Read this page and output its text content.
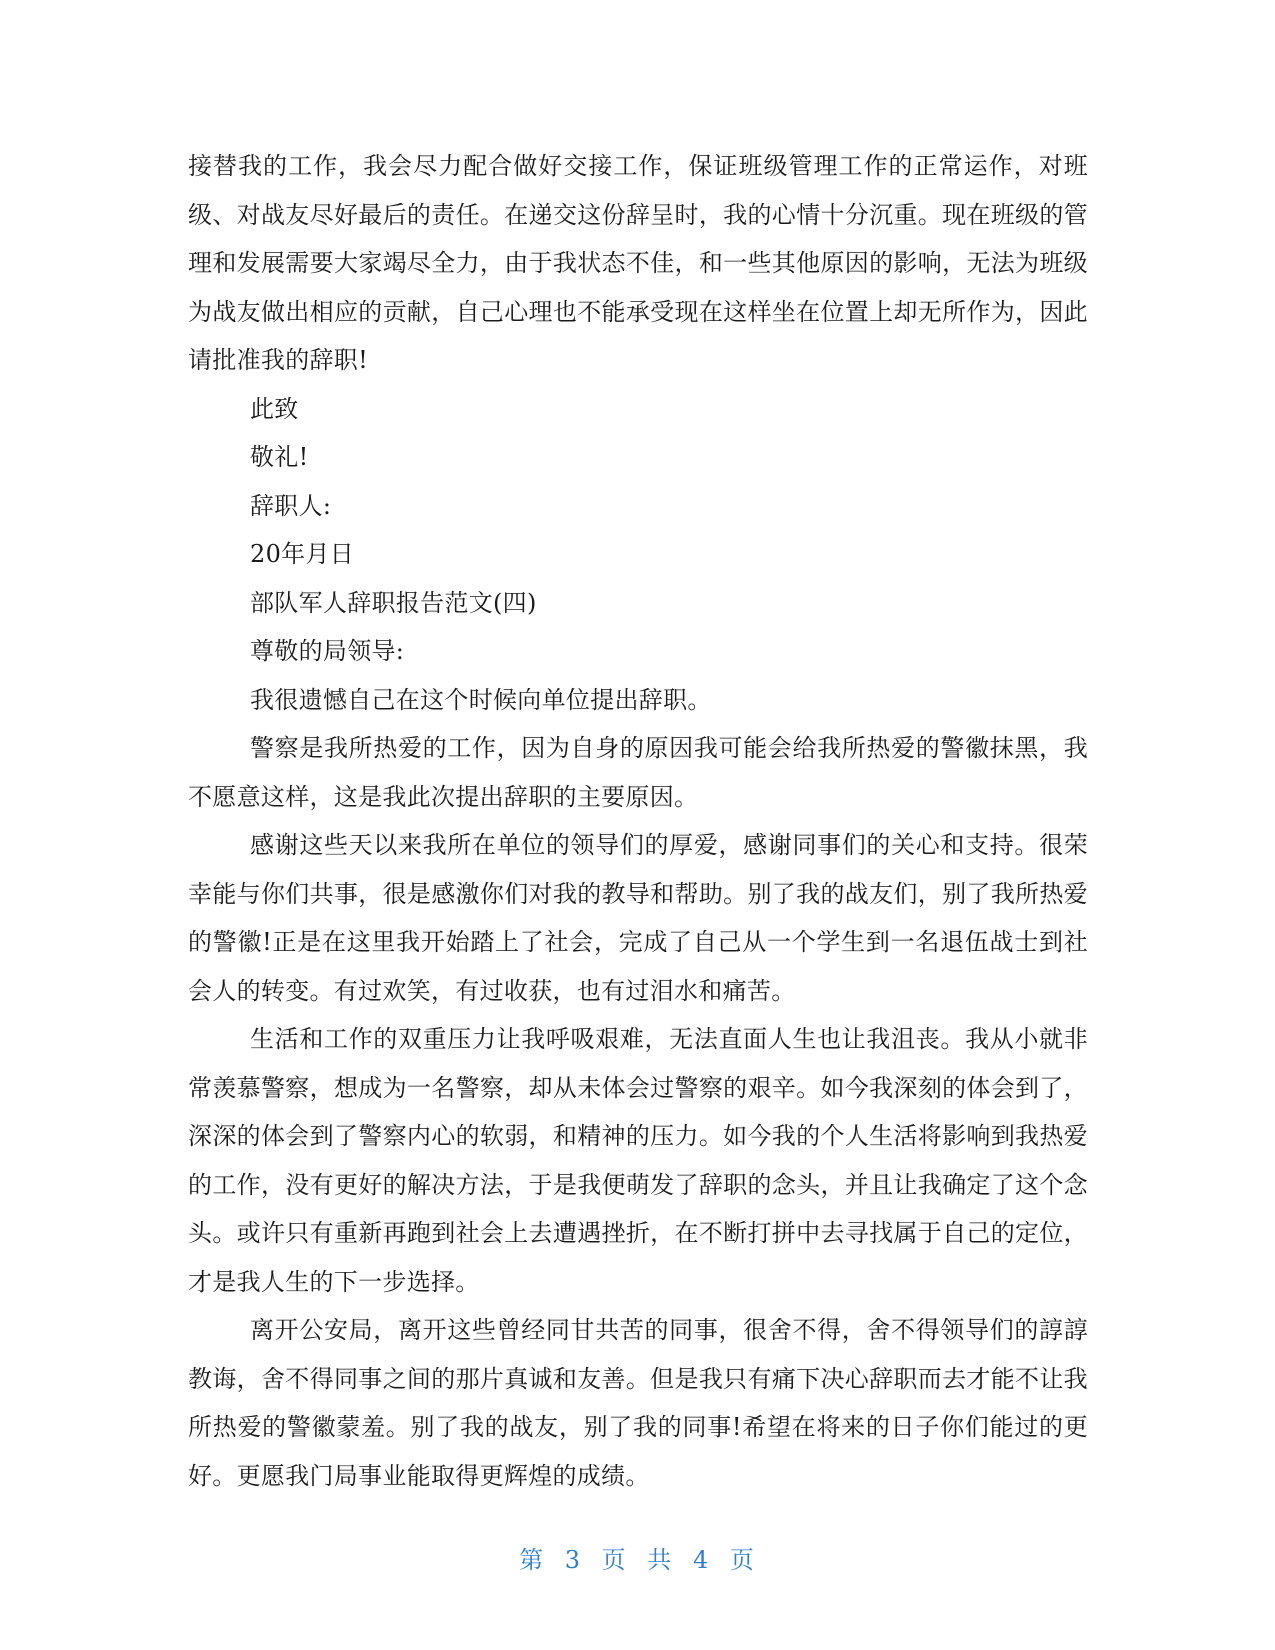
接替我的工作，我会尽力配合做好交接工作，保证班级管理工作的正常运作，对班级、对战友尽好最后的责任。在递交这份辞呈时，我的心情十分沉重。现在班级的管理和发展需要大家竭尽全力，由于我状态不佳，和一些其他原因的影响，无法为班级为战友做出相应的贡献，自己心理也不能承受现在这样坐在位置上却无所作为，因此请批准我的辞职!

此致

敬礼!

辞职人:

20年月日

部队军人辞职报告范文(四)

尊敬的局领导:

我很遗憾自己在这个时候向单位提出辞职。

警察是我所热爱的工作，因为自身的原因我可能会给我所热爱的警徽抹黑，我不愿意这样，这是我此次提出辞职的主要原因。

感谢这些天以来我所在单位的领导们的厚爱，感谢同事们的关心和支持。很荣幸能与你们共事，很是感激你们对我的教导和帮助。别了我的战友们，别了我所热爱的警徽!正是在这里我开始踏上了社会，完成了自己从一个学生到一名退伍战士到社会人的转变。有过欢笑，有过收获，也有过泪水和痛苦。

生活和工作的双重压力让我呼吸艰难，无法直面人生也让我沮丧。我从小就非常羡慕警察，想成为一名警察，却从未体会过警察的艰辛。如今我深刻的体会到了，深深的体会到了警察内心的软弱，和精神的压力。如今我的个人生活将影响到我热爱的工作，没有更好的解决方法，于是我便萌发了辞职的念头，并且让我确定了这个念头。或许只有重新再跑到社会上去遭遇挫折，在不断打拼中去寻找属于自己的定位，才是我人生的下一步选择。

离开公安局，离开这些曾经同甘共苦的同事，很舍不得，舍不得领导们的諄諄教诲，舍不得同事之间的那片真诚和友善。但是我只有痛下决心辞职而去才能不让我所热爱的警徽蒙羞。别了我的战友，别了我的同事!希望在将来的日子你们能过的更好。更愿我门局事业能取得更辉煌的成绩。

第 3 页 共 4 页
